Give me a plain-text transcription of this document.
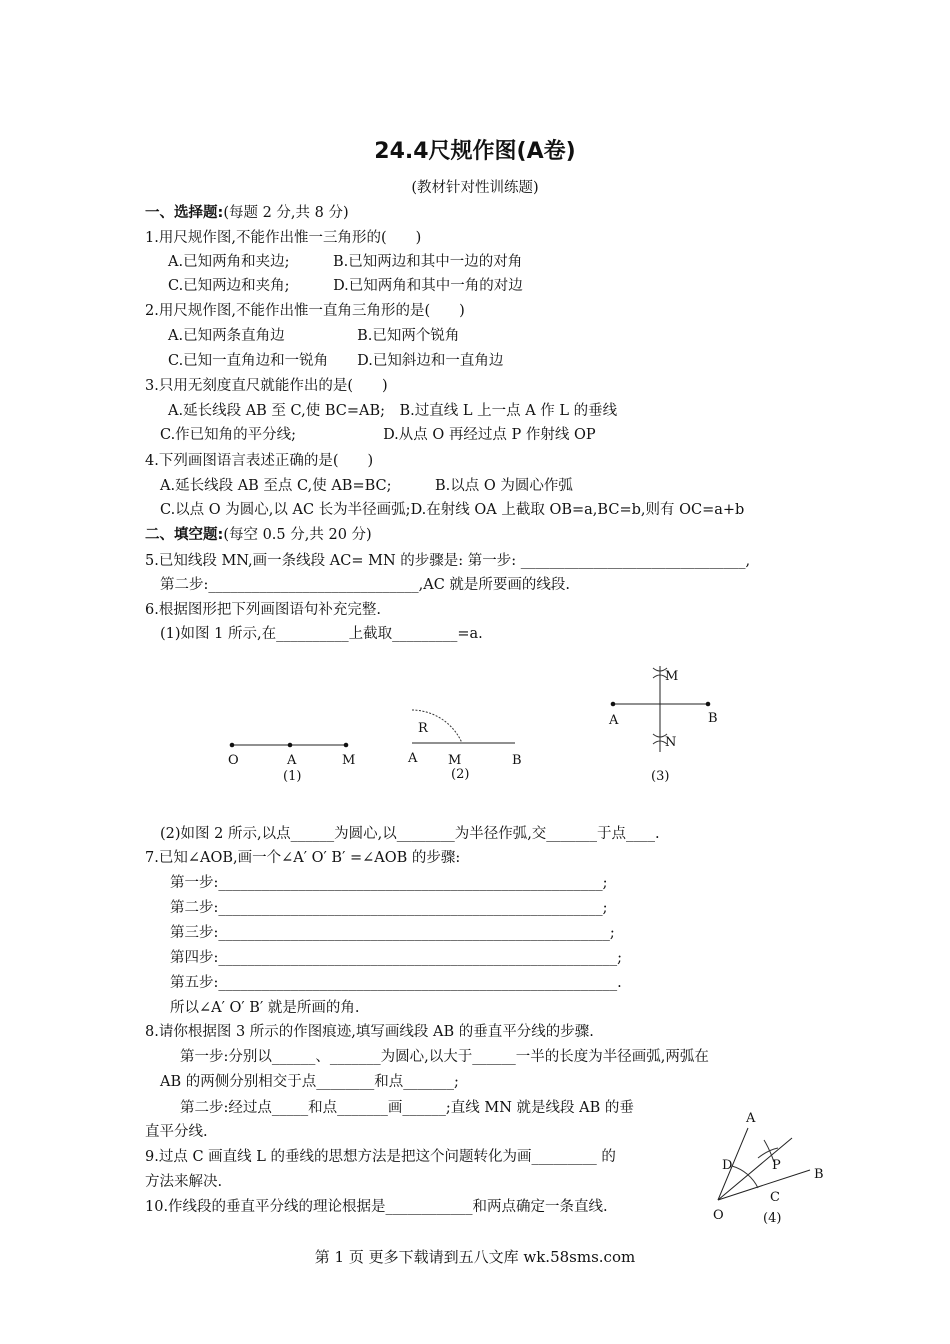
24.4尺规作图(A卷)
(教材针对性训练题)
一、选择题:(每题 2 分,共 8 分)
1.用尺规作图,不能作出惟一三角形的(　　)
A.已知两角和夹边;　　　B.已知两边和其中一边的对角
C.已知两边和夹角;　　　D.已知两角和其中一角的对边
2.用尺规作图,不能作出惟一直角三角形的是(　　)
A.已知两条直角边　　　　　B.已知两个锐角
C.已知一直角边和一锐角　　D.已知斜边和一直角边
3.只用无刻度直尺就能作出的是(　　)
A.延长线段 AB 至 C,使 BC=AB;　B.过直线 L 上一点 A 作 L 的垂线
C.作已知角的平分线;　　　　　　D.从点 O 再经过点 P 作射线 OP
4.下列画图语言表述正确的是(　　)
A.延长线段 AB 至点 C,使 AB=BC;　　　B.以点 O 为圆心作弧
C.以点 O 为圆心,以 AC 长为半径画弧;D.在射线 OA 上截取 OB=a,BC=b,则有 OC=a+b
二、填空题:(每空 0.5 分,共 20 分)
5.已知线段 MN,画一条线段 AC= MN 的步骤是: 第一步: _______________________________,
第二步:_____________________________,AC 就是所要画的线段.
6.根据图形把下列画图语句补充完整.
(1)如图 1 所示,在__________上截取_________=a.
O	A	M
(1)
A M	B
R
(2)
A	B
M
N
(3)
A
B
O
D	P
C
(4)
(2)如图 2 所示,以点______为圆心,以________为半径作弧,交_______于点____.
7.已知∠AOB,画一个∠A′ O′ B′ =∠AOB 的步骤:
第一步:_____________________________________________________;
第二步:_____________________________________________________;
第三步:______________________________________________________;
第四步:_______________________________________________________;
第五步:_______________________________________________________.
所以∠A′ O′ B′ 就是所画的角.
8.请你根据图 3 所示的作图痕迹,填写画线段 AB 的垂直平分线的步骤.
第一步:分别以______、_______为圆心,以大于______一半的长度为半径画弧,两弧在
AB 的两侧分别相交于点________和点_______;
第二步:经过点_____和点_______画______;直线 MN 就是线段 AB 的垂
直平分线.
9.过点 C 画直线 L 的垂线的思想方法是把这个问题转化为画_________ 的
方法来解决.
10.作线段的垂直平分线的理论根据是____________和两点确定一条直线.
第 1 页 更多下载请到五八文库 wk.58sms.com
